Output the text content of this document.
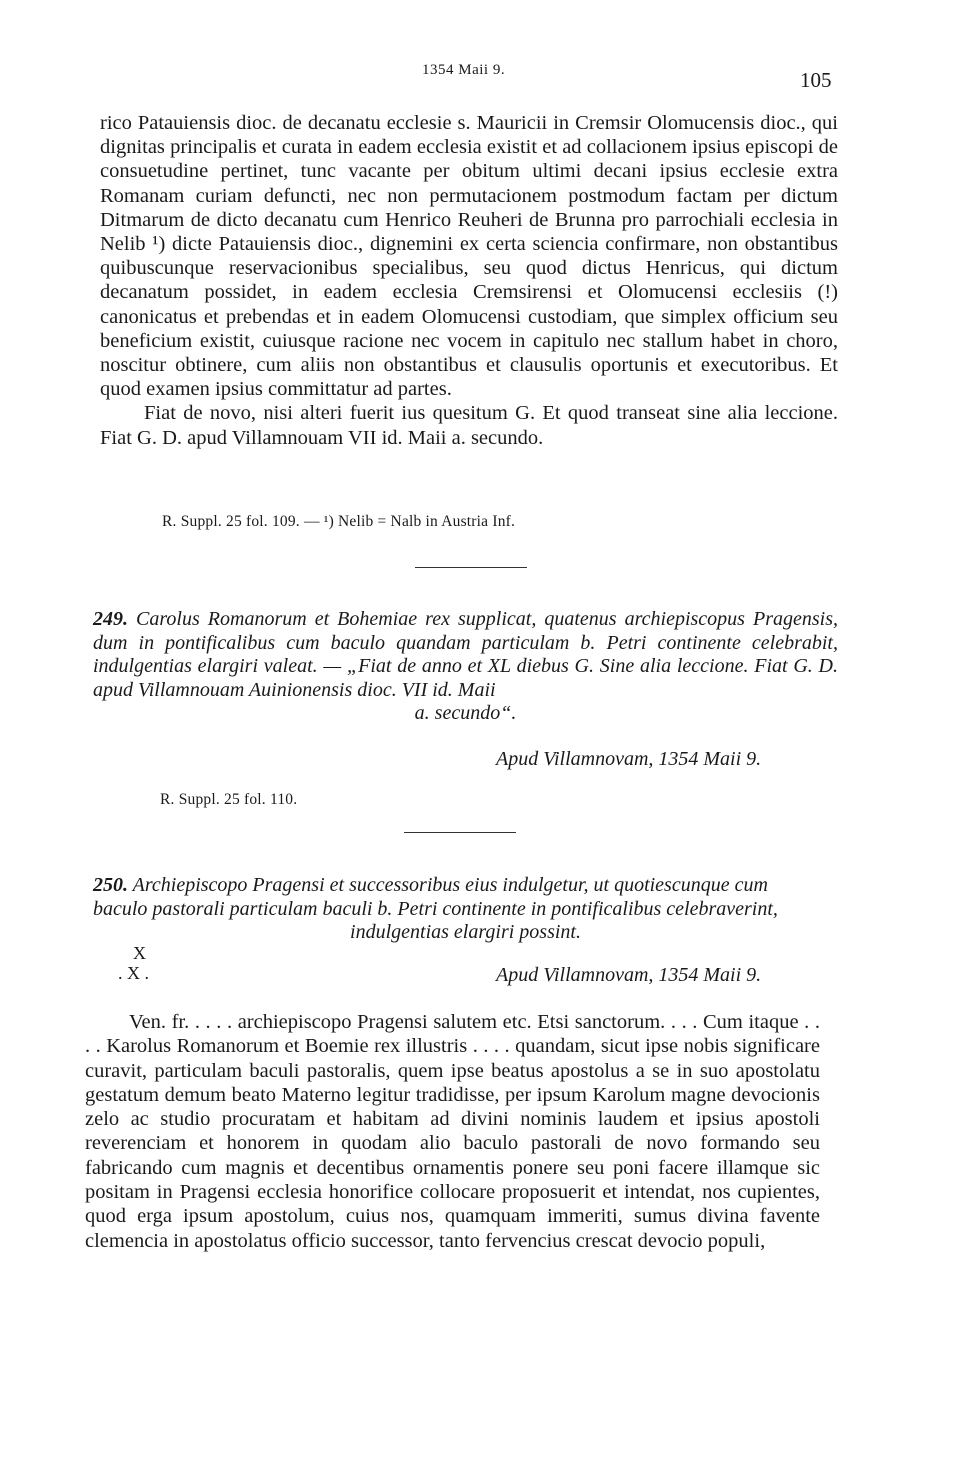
1354 Maii 9.	105

rico Patauiensis dioc. de decanatu ecclesie s. Mauricii in Cremsir Olomucensis dioc., qui dignitas principalis et curata in eadem ecclesia existit et ad collacionem ipsius episcopi de consuetudine pertinet, tunc vacante per obitum ultimi decani ipsius ecclesie extra Romanam curiam defuncti, nec non permutacionem postmodum factam per dictum Ditmarum de dicto decanatu cum Henrico Reuheri de Brunna pro parrochiali ecclesia in Nelib ¹) dicte Patauiensis dioc., dignemini ex certa sciencia confirmare, non obstantibus quibuscunque reservacionibus specialibus, seu quod dictus Henricus, qui dictum decanatum possidet, in eadem ecclesia Cremsirensi et Olomucensi ecclesiis (!) canonicatus et prebendas et in eadem Olomucensi custodiam, que simplex officium seu beneficium existit, cuiusque racione nec vocem in capitulo nec stallum habet in choro, noscitur obtinere, cum aliis non obstantibus et clausulis oportunis et executoribus. Et quod examen ipsius committatur ad partes.

Fiat de novo, nisi alteri fuerit ius quesitum G. Et quod transeat sine alia leccione. Fiat G. D. apud Villamnouam VII id. Maii a. secundo.

R. Suppl. 25 fol. 109. — ¹) Nelib = Nalb in Austria Inf.
249. Carolus Romanorum et Bohemiae rex supplicat, quatenus archiepiscopus Pragensis, dum in pontificalibus cum baculo quandam particulam b. Petri continente celebrabit, indulgentias elargiri valeat. — „Fiat de anno et XL diebus G. Sine alia leccione. Fiat G. D. apud Villamnouam Auinionensis dioc. VII id. Maii
a. secundo“.
Apud Villamnovam, 1354 Maii 9.
R. Suppl. 25 fol. 110.
250. Archiepiscopo Pragensi et successoribus eius indulgetur, ut quotiescunque cum
baculo pastorali particulam baculi b. Petri continente in pontificalibus celebraverint,
indulgentias elargiri possint.
X
. X .	Apud Villamnovam, 1354 Maii 9.

Ven. fr. . . . . archiepiscopo Pragensi salutem etc. Etsi sanctorum. . . . Cum itaque . . . . Karolus Romanorum et Boemie rex illustris . . . . quandam, sicut ipse nobis significare curavit, particulam baculi pastoralis, quem ipse beatus apostolus a se in suo apostolatu gestatum demum beato Materno legitur tradidisse, per ipsum Karolum magne devocionis zelo ac studio procuratam et habitam ad divini nominis laudem et ipsius apostoli reverenciam et honorem in quodam alio baculo pastorali de novo formando seu fabricando cum magnis et decentibus ornamentis ponere seu poni facere illamque sic positam in Pragensi ecclesia honorifice collocare proposuerit et intendat, nos cupientes, quod erga ipsum apostolum, cuius nos, quamquam immeriti, sumus divina favente clemencia in apostolatus officio successor, tanto fervencius crescat devocio populi,
